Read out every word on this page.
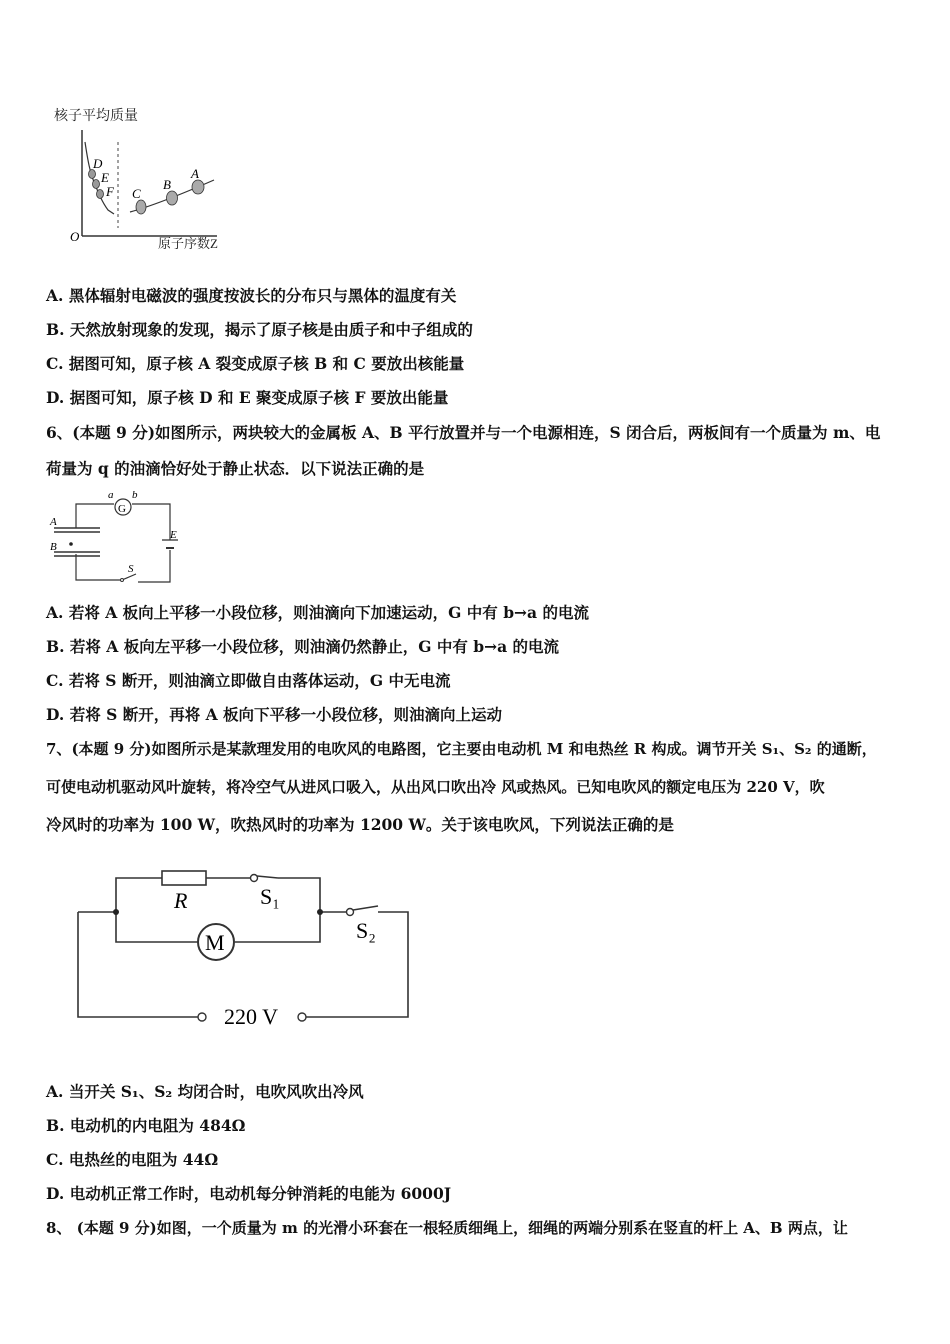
核子平均质量
D
E
F C
B
A
O	原子序数Z
A. 黑体辐射电磁波的强度按波长的分布只与黑体的温度有关
B. 天然放射现象的发现，揭示了原子核是由质子和中子组成的
C. 据图可知，原子核 A 裂变成原子核 B 和 C 要放出核能量
D. 据图可知，原子核 D 和 E 聚变成原子核 F 要放出能量
6、(本题 9 分)如图所示，两块较大的金属板 A、B 平行放置并与一个电源相连，S 闭合后，两板间有一个质量为 m、电
荷量为 q 的油滴恰好处于静止状态．以下说法正确的是
G
a b
A
B
E
S
A. 若将 A 板向上平移一小段位移，则油滴向下加速运动，G 中有 b→a 的电流
B. 若将 A 板向左平移一小段位移，则油滴仍然静止，G 中有 b→a 的电流
C. 若将 S 断开，则油滴立即做自由落体运动，G 中无电流
D. 若将 S 断开，再将 A 板向下平移一小段位移，则油滴向上运动
7、(本题 9 分)如图所示是某款理发用的电吹风的电路图，它主要由电动机 M 和电热丝 R 构成。调节开关 S₁、S₂ 的通断，
可使电动机驱动风叶旋转，将冷空气从进风口吸入，从出风口吹出冷 风或热风。已知电吹风的额定电压为 220 V，吹
冷风时的功率为 100 W，吹热风时的功率为 1200 W。关于该电吹风，下列说法正确的是
R	S₁
S₂
M
220 V
A. 当开关 S₁、S₂ 均闭合时，电吹风吹出冷风
B. 电动机的内电阻为 484Ω
C. 电热丝的电阻为 44Ω
D. 电动机正常工作时，电动机每分钟消耗的电能为 6000J
8、 (本题 9 分)如图，一个质量为 m 的光滑小环套在一根轻质细绳上，细绳的两端分别系在竖直的杆上 A、B 两点，让
